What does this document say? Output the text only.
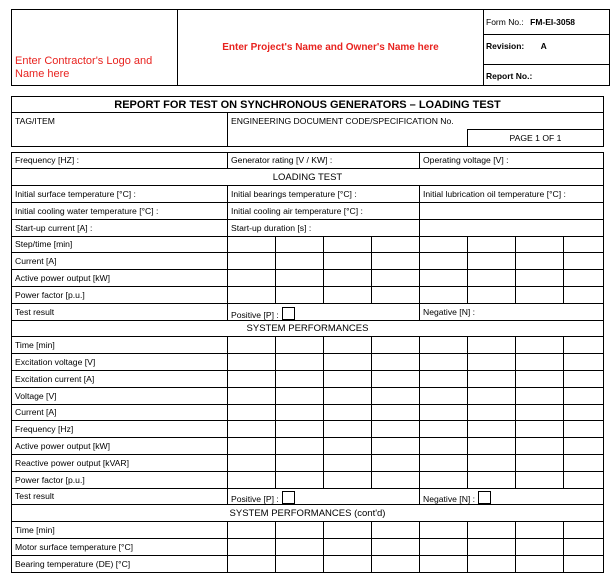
Enter Contractor's Logo and Name here
Enter Project's Name and Owner's Name here
Form No.: FM-EI-3058
Revision: A
Report No.:
REPORT FOR TEST ON SYNCHRONOUS GENERATORS – LOADING TEST								
TAG/ITEM	ENGINEERING DOCUMENT CODE/SPECIFICATION No.							
						PAGE 1 OF 1		

Frequency [HZ] :	Generator rating [V / KW] :				Operating voltage [V] :			
LOADING TEST								
Initial surface temperature [°C] :	Initial bearings temperature [°C] :				Initial lubrication oil temperature [°C] :			
Initial cooling water temperature [°C] :	Initial cooling air temperature [°C] :							
Start-up current [A] :	Start-up duration [s] :							
Step/time [min]								
Current [A]								
Active power output [kW]								
Power factor [p.u.]								
Test result	Positive [P] :				Negative [N] :			
SYSTEM PERFORMANCES								
Time [min]								
Excitation voltage [V]								
Excitation current [A]								
Voltage [V]								
Current [A]								
Frequency [Hz]								
Active power output [kW]								
Reactive power output [kVAR]								
Power factor [p.u.]								
Test result	Positive [P] :				Negative [N] :			
SYSTEM PERFORMANCES (cont'd)								
Time [min]								
Motor surface temperature [°C]								
Bearing temperature (DE) [°C]								
